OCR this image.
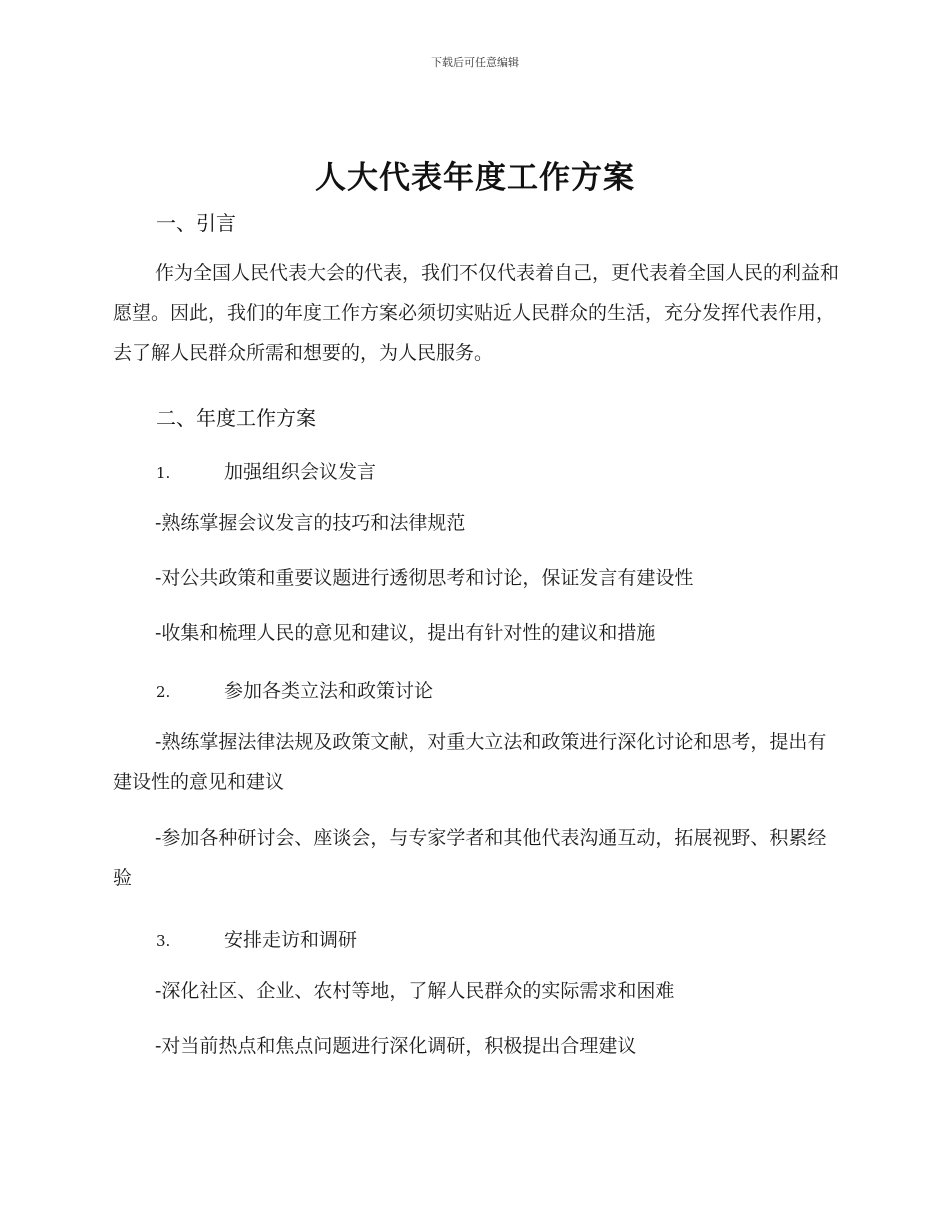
下载后可任意编辑
人大代表年度工作方案
一、引言

作为全国人民代表大会的代表，我们不仅代表着自己，更代表着全国人民的利益和愿望。因此，我们的年度工作方案必须切实贴近人民群众的生活，充分发挥代表作用，去了解人民群众所需和想要的，为人民服务。

二、年度工作方案
1.	加强组织会议发言

-熟练掌握会议发言的技巧和法律规范

-对公共政策和重要议题进行透彻思考和讨论，保证发言有建设性

-收集和梳理人民的意见和建议，提出有针对性的建议和措施

2.	参加各类立法和政策讨论

-熟练掌握法律法规及政策文献，对重大立法和政策进行深化讨论和思考，提出有建设性的意见和建议

-参加各种研讨会、座谈会，与专家学者和其他代表沟通互动，拓展视野、积累经验

3.	安排走访和调研

-深化社区、企业、农村等地，了解人民群众的实际需求和困难

-对当前热点和焦点问题进行深化调研，积极提出合理建议
